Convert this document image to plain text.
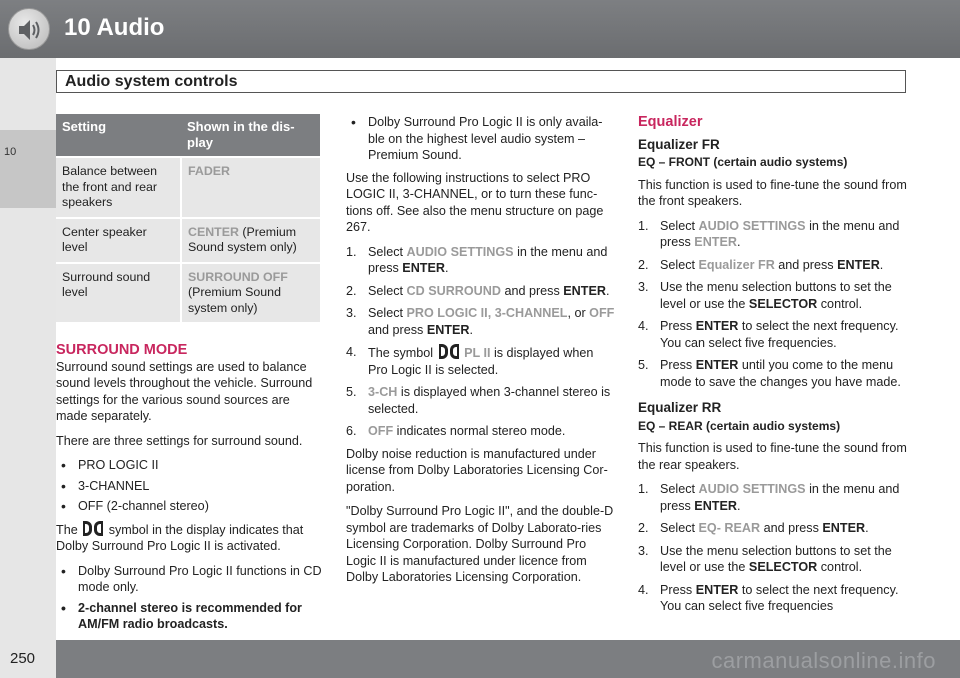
10 Audio
10
Audio system controls
Setting	Shown in the dis-play
Balance between the front and rear speakers	FADER
Center speaker level	CENTER (Premium Sound system only)
Surround sound level	SURROUND OFF (Premium Sound system only)
SURROUND MODE

Surround sound settings are used to balance sound levels throughout the vehicle. Surround settings for the various sound sources are made separately.

There are three settings for surround sound.

• PRO LOGIC II
• 3-CHANNEL
• OFF (2-channel stereo)

The symbol in the display indicates that Dolby Surround Pro Logic II is activated.

• Dolby Surround Pro Logic II functions in CD mode only.
• 2-channel stereo is recommended for AM/FM radio broadcasts.
• Dolby Surround Pro Logic II is only availa-ble on the highest level audio system – Premium Sound.

Use the following instructions to select PRO LOGIC II, 3-CHANNEL, or to turn these func-tions off. See also the menu structure on page 267.

1. Select AUDIO SETTINGS in the menu and press ENTER.
2. Select CD SURROUND and press ENTER.
3. Select PRO LOGIC II, 3-CHANNEL, or OFF and press ENTER.
4. The symbol PL II is displayed when Pro Logic II is selected.
5. 3-CH is displayed when 3-channel stereo is selected.
6. OFF indicates normal stereo mode.

Dolby noise reduction is manufactured under license from Dolby Laboratories Licensing Cor-poration.

"Dolby Surround Pro Logic II", and the double-D symbol are trademarks of Dolby Laborato-ries Licensing Corporation. Dolby Surround Pro Logic II is manufactured under licence from Dolby Laboratories Licensing Corporation.

Equalizer
Equalizer FR
EQ – FRONT (certain audio systems)

This function is used to fine-tune the sound from the front speakers.

1. Select AUDIO SETTINGS in the menu and press ENTER.
2. Select Equalizer FR and press ENTER.
3. Use the menu selection buttons to set the level or use the SELECTOR control.
4. Press ENTER to select the next frequency. You can select five frequencies.
5. Press ENTER until you come to the menu mode to save the changes you have made.
Equalizer RR
EQ – REAR (certain audio systems)

This function is used to fine-tune the sound from the rear speakers.

1. Select AUDIO SETTINGS in the menu and press ENTER.
2. Select EQ- REAR and press ENTER.
3. Use the menu selection buttons to set the level or use the SELECTOR control.
4. Press ENTER to select the next frequency. You can select five frequencies
250	carmanualsonline.info
